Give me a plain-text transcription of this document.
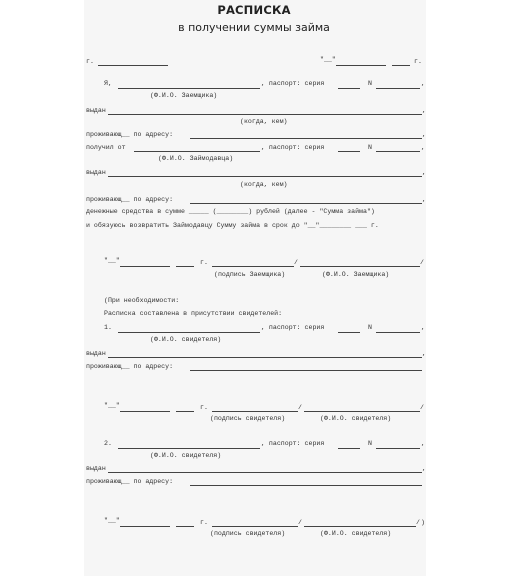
РАСПИСКА
в получении суммы займа
г.	"__"	г.
Я,	, паспорт: серия	N	,
(Ф.И.О. Заемщика)
выдан	,
(когда, кем)
проживающ__ по адресу:	,
получил от	, паспорт: серия	N	,
(Ф.И.О. Займодавца)
выдан	,
(когда, кем)
проживающ__ по адресу:	,
денежные средства в сумме _____ (________) рублей (далее - "Сумма займа")
и обязуюсь возвратить Займодавцу Сумму займа в срок до "__"________ ___ г.
"__"	г.	/	/
(подпись Заемщика)	(Ф.И.О. Заемщика)
(При необходимости:
Расписка составлена в присутствии свидетелей:
1.	, паспорт: серия	N	,
(Ф.И.О. свидетеля)
выдан	,
проживающ__ по адресу:
"__"	г.	/	/
(подпись свидетеля)	(Ф.И.О. свидетеля)
2.	, паспорт: серия	N	,
(Ф.И.О. свидетеля)
выдан	,
проживающ__ по адресу:
"__"	г.	/	/ )
(подпись свидетеля)	(Ф.И.О. свидетеля)
